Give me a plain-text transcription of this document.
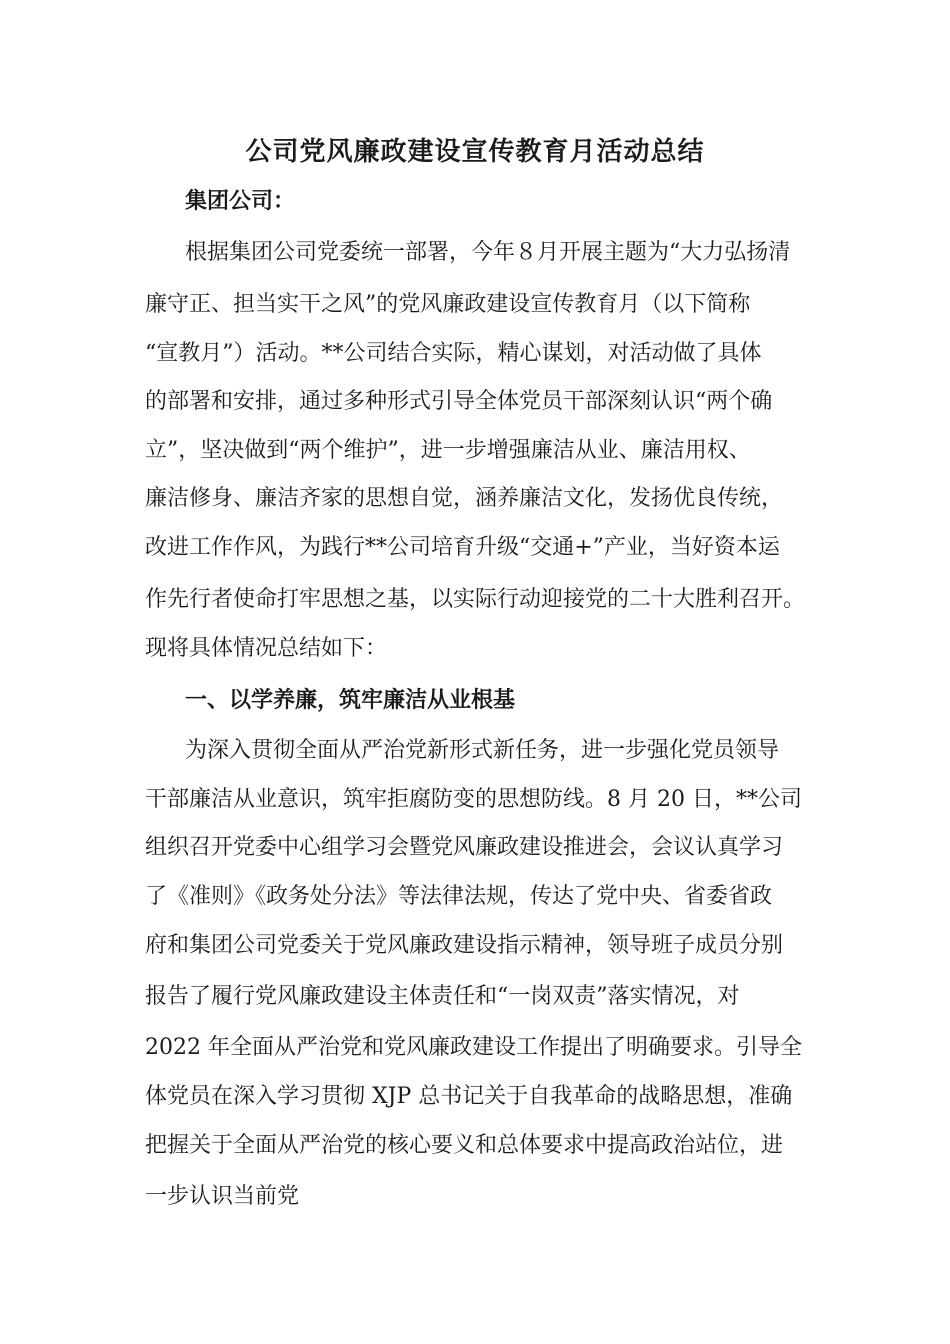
公司党风廉政建设宣传教育月活动总结
集团公司：
根据集团公司党委统一部署，今年８月开展主题为“大力弘扬清
廉守正、担当实干之风”的党风廉政建设宣传教育月（以下简称
“宣教月”）活动。**公司结合实际，精心谋划，对活动做了具体
的部署和安排，通过多种形式引导全体党员干部深刻认识“两个确
立”，坚决做到“两个维护”，进一步增强廉洁从业、廉洁用权、
廉洁修身、廉洁齐家的思想自觉，涵养廉洁文化，发扬优良传统，
改进工作作风，为践行**公司培育升级“交通+”产业，当好资本运
作先行者使命打牢思想之基，以实际行动迎接党的二十大胜利召开。
现将具体情况总结如下：
一、以学养廉，筑牢廉洁从业根基
为深入贯彻全面从严治党新形式新任务，进一步强化党员领导
干部廉洁从业意识，筑牢拒腐防变的思想防线。8 月 20 日，**公司
组织召开党委中心组学习会暨党风廉政建设推进会，会议认真学习
了《准则》《政务处分法》等法律法规，传达了党中央、省委省政
府和集团公司党委关于党风廉政建设指示精神，领导班子成员分别
报告了履行党风廉政建设主体责任和“一岗双责”落实情况，对
2022 年全面从严治党和党风廉政建设工作提出了明确要求。引导全
体党员在深入学习贯彻 XJP 总书记关于自我革命的战略思想，准确
把握关于全面从严治党的核心要义和总体要求中提高政治站位，进
一步认识当前党
